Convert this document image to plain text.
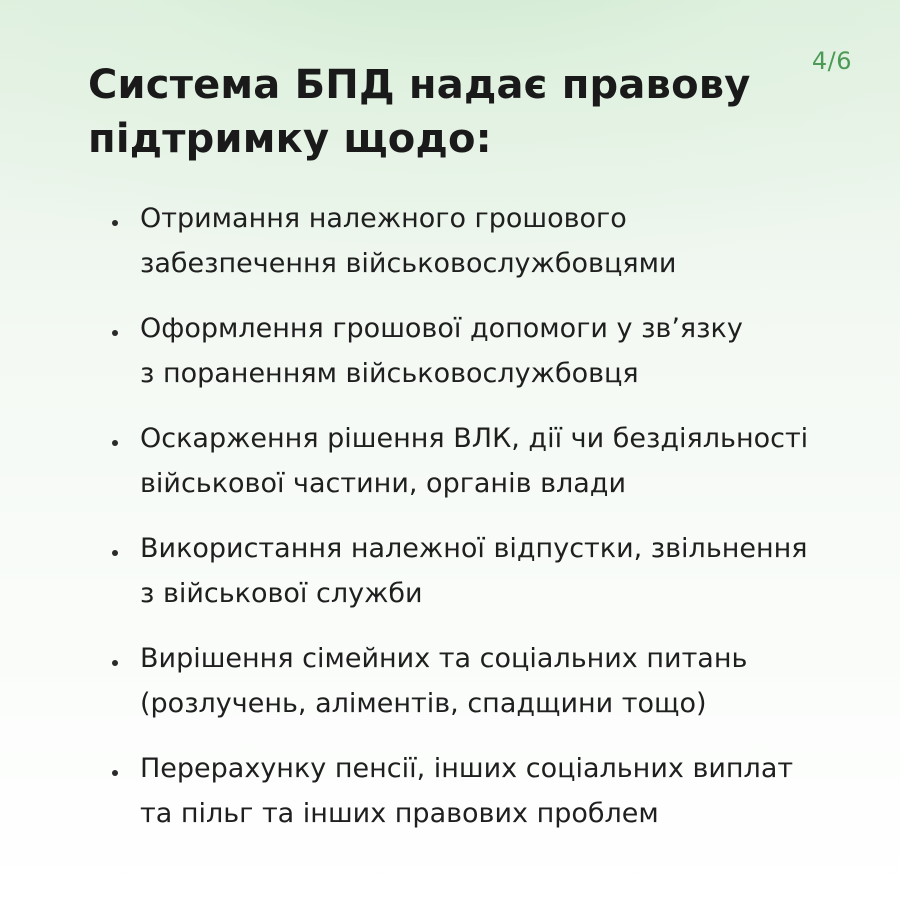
4/6
Система БПД надає правову
підтримку щодо:
Отримання належного грошового
забезпечення військовослужбовцями
Оформлення грошової допомоги у зв’язку
з пораненням військовослужбовця
Оскарження рішення ВЛК, дії чи бездіяльності
військової частини, органів влади
Використання належної відпустки, звільнення
з військової служби
Вирішення сімейних та соціальних питань
(розлучень, аліментів, спадщини тощо)
Перерахунку пенсії, інших соціальних виплат
та пільг та інших правових проблем
